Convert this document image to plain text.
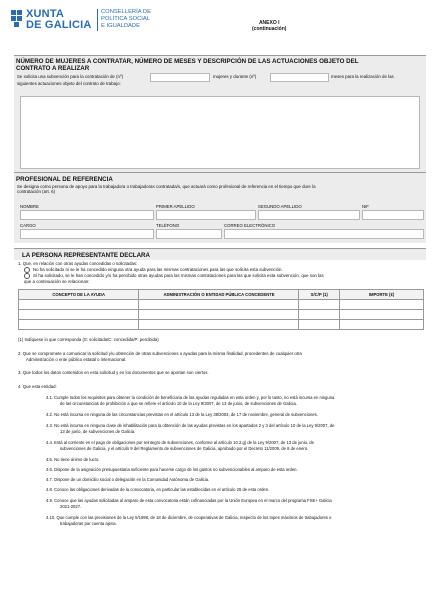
XUNTA
DE GALICIA
CONSELLERÍA DE
POLÍTICA SOCIAL
E IGUALDADE	ANEXO I
(continuación)
NÚMERO DE MUJERES A CONTRATAR, NÚMERO DE MESES Y DESCRIPCIÓN DE LAS ACTUACIONES OBJETO DEL
CONTRATO A REALIZAR
Se solicita una subvención para la contratación de (nº)	mujeres y durante (nº)	meses para la realización de las
siguientes actuaciones objeto del contrato de trabajo:
PROFESIONAL DE REFERENCIA
Se designa como persona de apoyo para la trabajadora o trabajadoras contratada/s, que actuará como profesional de referencia en el tiempo que dure la
contratación (art. 6)
NOMBRE	PRIMER APELLIDO	SEGUNDO APELLIDO	NIF
CARGO	TELÉFONO	CORREO ELECTRÓNICO
LA PERSONA REPRESENTANTE DECLARA
1. Que, en relación con otras ayudas concedidas o solicitadas:
No ha solicitado ni se le ha concedido ninguna otra ayuda para las mismas contrataciones para las que solicita esta subvención.
Sí ha solicitado, se le han concedido y/o ha percibido otras ayudas para las mismas contrataciones para las que solicita esta subvención, que son las
que a continuación se relacionan:
CONCEPTO DE LA AYUDA	ADMINISTRACIÓN O ENTIDAD PÚBLICA CONCEDENTE	S/C/P (1)	IMPORTE (€)

(1) Indíquese lo que corresponda (S: solicitada/C: concedida/P: percibida)
2. Que se compromete a comunicar la solicitud y/u obtención de otras subvenciones o ayudas para la misma finalidad, procedentes de cualquier otra
Administración o ente público estatal o internacional.
3. Que todos los datos contenidos en esta solicitud y en los documentos que se aportan son ciertos.
4. Que esta entidad:
4.1. Cumple todos los requisitos para obtener la condición de beneficiaria de las ayudas reguladas en esta orden y, por lo tanto, no está incursa en ninguna
de las circunstancias de prohibición a que se refiere el artículo 10 de la Ley 9/2007, de 13 de junio, de subvenciones de Galicia.
4.2. No está incursa en ninguna de las circunstancias previstas en el artículo 13 de la Ley 38/2003, de 17 de noviembre, general de subvenciones.
4.3. No está incursa en ninguna clase de inhabilitación para la obtención de las ayudas previstas en los apartados 2 y 3 del artículo 10 de la Ley 9/2007, de
13 de junio, de subvenciones de Galicia.
4.4. Está al corriente en el pago de obligaciones por reintegro de subvenciones, conforme al artículo 10.2.g) de la Ley 9/2007, de 13 de junio, de
subvenciones de Galicia, y el artículo 9 del Reglamento de subvenciones de Galicia, aprobado por el Decreto 11/2009, de 8 de enero.
4.5. No tiene ánimo de lucro.
4.6. Dispone de la asignación presupuestaria suficiente para hacerse cargo de los gastos no subvencionables al amparo de esta orden.
4.7. Dispone de un domicilio social o delegación en la Comunidad Autónoma de Galicia.
4.8. Conoce las obligaciones derivadas de la convocatoria, en particular las establecidas en el artículo 25 de esta orden.
4.9. Conoce que las ayudas solicitadas al amparo de esta convocatoria están cofinanciadas por la Unión Europea en el marco del programa FSE+ Galicia
2021-2027.
4.10. Que cumple con las previsiones de la Ley 5/1998, de 18 de diciembre, de cooperativas de Galicia, respecto de los topes máximos de trabajadores o
trabajadoras por cuenta ajena.
